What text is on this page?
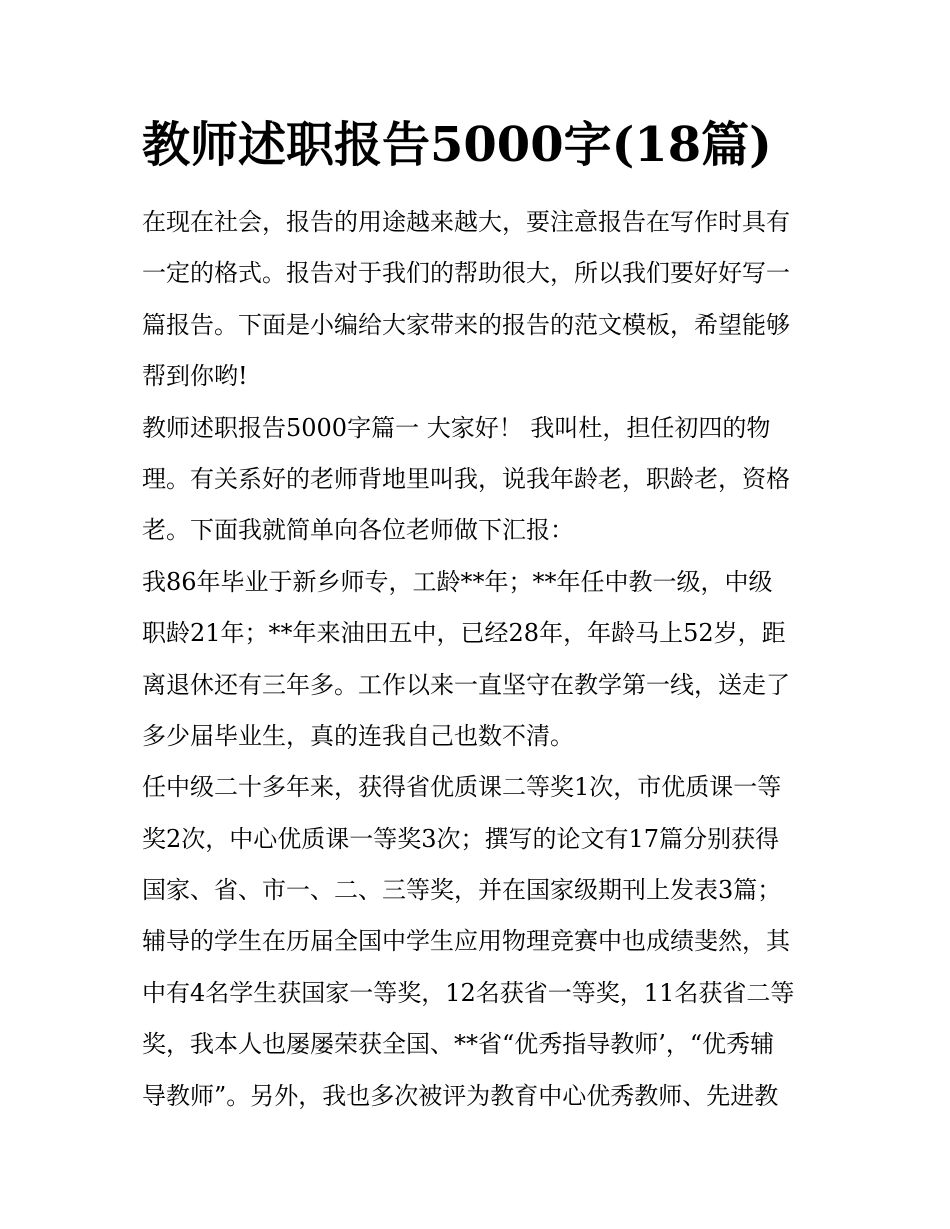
教师述职报告5000字(18篇)
在现在社会，报告的用途越来越大，要注意报告在写作时具有
一定的格式。报告对于我们的帮助很大，所以我们要好好写一
篇报告。下面是小编给大家带来的报告的范文模板，希望能够
帮到你哟!
教师述职报告5000字篇一 大家好！ 我叫杜，担任初四的物
理。有关系好的老师背地里叫我，说我年龄老，职龄老，资格
老。下面我就简单向各位老师做下汇报：
我86年毕业于新乡师专，工龄**年；**年任中教一级，中级
职龄21年；**年来油田五中，已经28年，年龄马上52岁，距
离退休还有三年多。工作以来一直坚守在教学第一线，送走了
多少届毕业生，真的连我自己也数不清。
任中级二十多年来，获得省优质课二等奖1次，市优质课一等
奖2次，中心优质课一等奖3次；撰写的论文有17篇分别获得
国家、省、市一、二、三等奖，并在国家级期刊上发表3篇；
辅导的学生在历届全国中学生应用物理竞赛中也成绩斐然，其
中有4名学生获国家一等奖，12名获省一等奖，11名获省二等
奖，我本人也屡屡荣获全国、**省“优秀指导教师’，“优秀辅
导教师”。另外，我也多次被评为教育中心优秀教师、先进教
